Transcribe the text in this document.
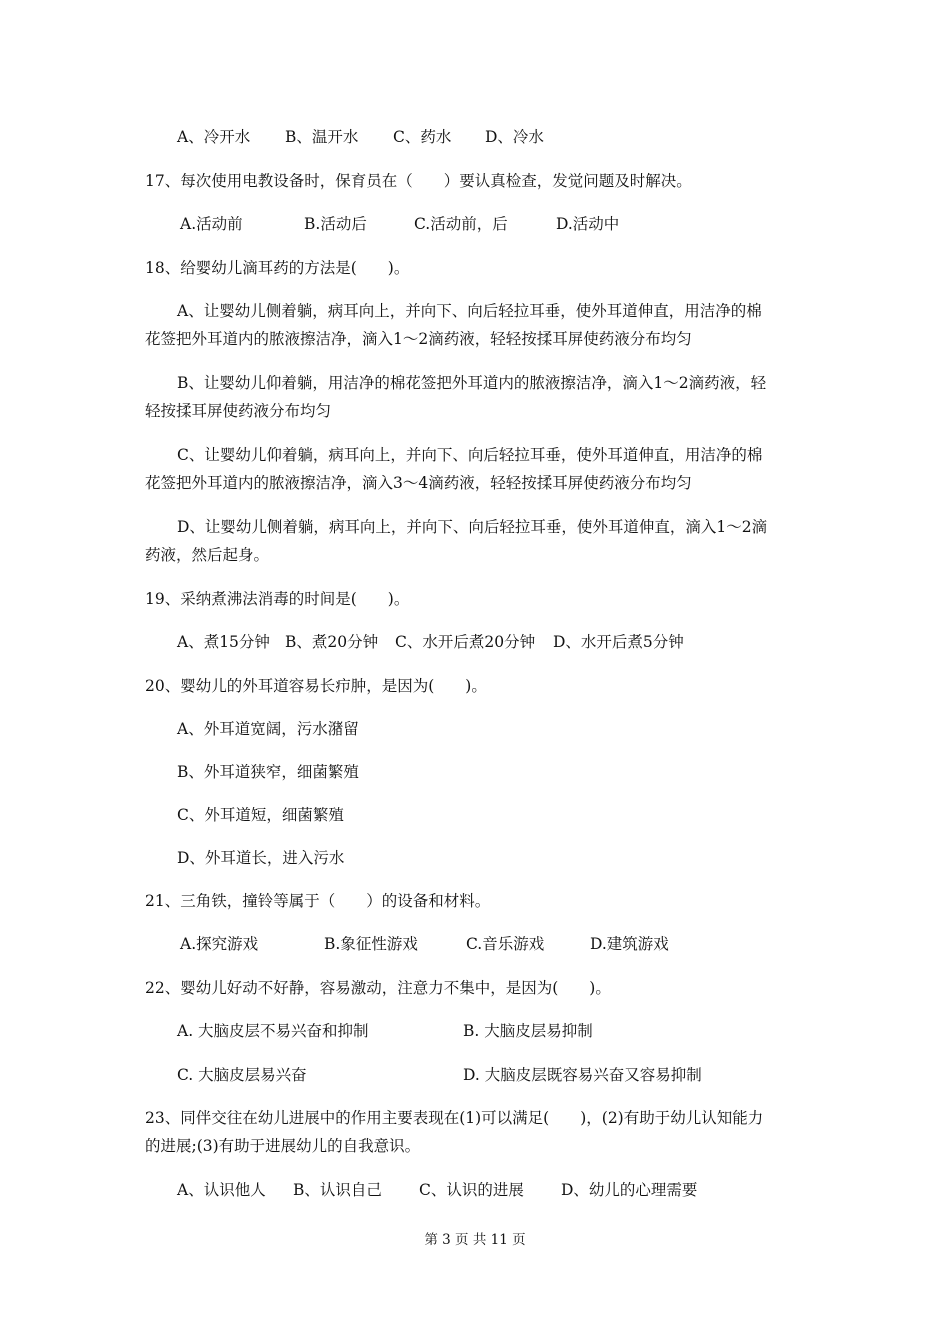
A、冷开水 B、温开水 C、药水 D、冷水
17、每次使用电教设备时，保育员在（　　）要认真检查，发觉问题及时解决。
A.活动前	B.活动后	C.活动前，后	D.活动中
18、给婴幼儿滴耳药的方法是(　　)。
A、让婴幼儿侧着躺，病耳向上，并向下、向后轻拉耳垂，使外耳道伸直，用洁净的棉
花签把外耳道内的脓液擦洁净，滴入1～2滴药液，轻轻按揉耳屏使药液分布均匀
B、让婴幼儿仰着躺，用洁净的棉花签把外耳道内的脓液擦洁净，滴入1～2滴药液，轻
轻按揉耳屏使药液分布均匀
C、让婴幼儿仰着躺，病耳向上，并向下、向后轻拉耳垂，使外耳道伸直，用洁净的棉
花签把外耳道内的脓液擦洁净，滴入3～4滴药液，轻轻按揉耳屏使药液分布均匀
D、让婴幼儿侧着躺，病耳向上，并向下、向后轻拉耳垂，使外耳道伸直，滴入1～2滴
药液，然后起身。
19、采纳煮沸法消毒的时间是(　　)。
A、煮15分钟 B、煮20分钟 C、水开后煮20分钟 D、水开后煮5分钟
20、婴幼儿的外耳道容易长疖肿，是因为(　　)。
A、外耳道宽阔，污水潴留
B、外耳道狭窄，细菌繁殖
C、外耳道短，细菌繁殖
D、外耳道长，进入污水
21、三角铁，撞铃等属于（　　）的设备和材料。
A.探究游戏	B.象征性游戏	C.音乐游戏	D.建筑游戏
22、婴幼儿好动不好静，容易激动，注意力不集中，是因为(　　)。
A. 大脑皮层不易兴奋和抑制	B. 大脑皮层易抑制
C. 大脑皮层易兴奋	D. 大脑皮层既容易兴奋又容易抑制
23、同伴交往在幼儿进展中的作用主要表现在(1)可以满足(　　)，(2)有助于幼儿认知能力
的进展;(3)有助于进展幼儿的自我意识。
A、认识他人 B、认识自己 C、认识的进展 D、幼儿的心理需要
第 3 页 共 11 页
